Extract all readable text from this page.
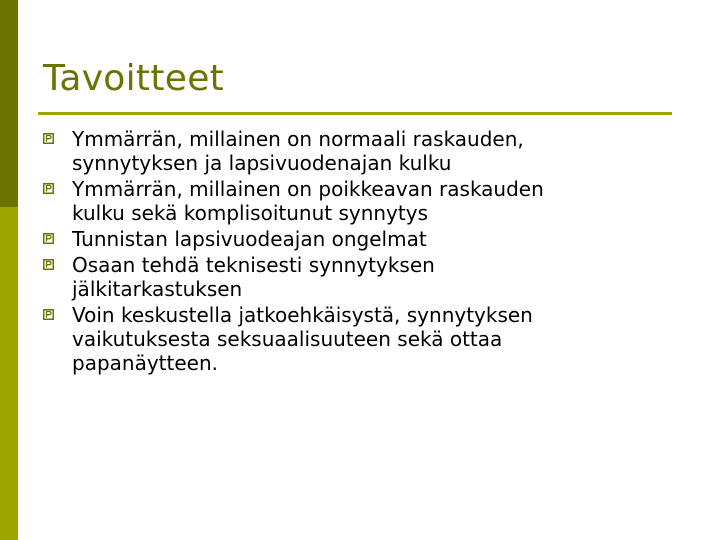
Tavoitteet
Ymmärrän, millainen on normaali raskauden,
synnytyksen ja lapsivuodenajan kulku
Ymmärrän, millainen on poikkeavan raskauden
kulku sekä komplisoitunut synnytys
Tunnistan lapsivuodeajan ongelmat
Osaan tehdä teknisesti synnytyksen
jälkitarkastuksen
Voin keskustella jatkoehkäisystä, synnytyksen
vaikutuksesta seksuaalisuuteen sekä ottaa
papanäytteen.
